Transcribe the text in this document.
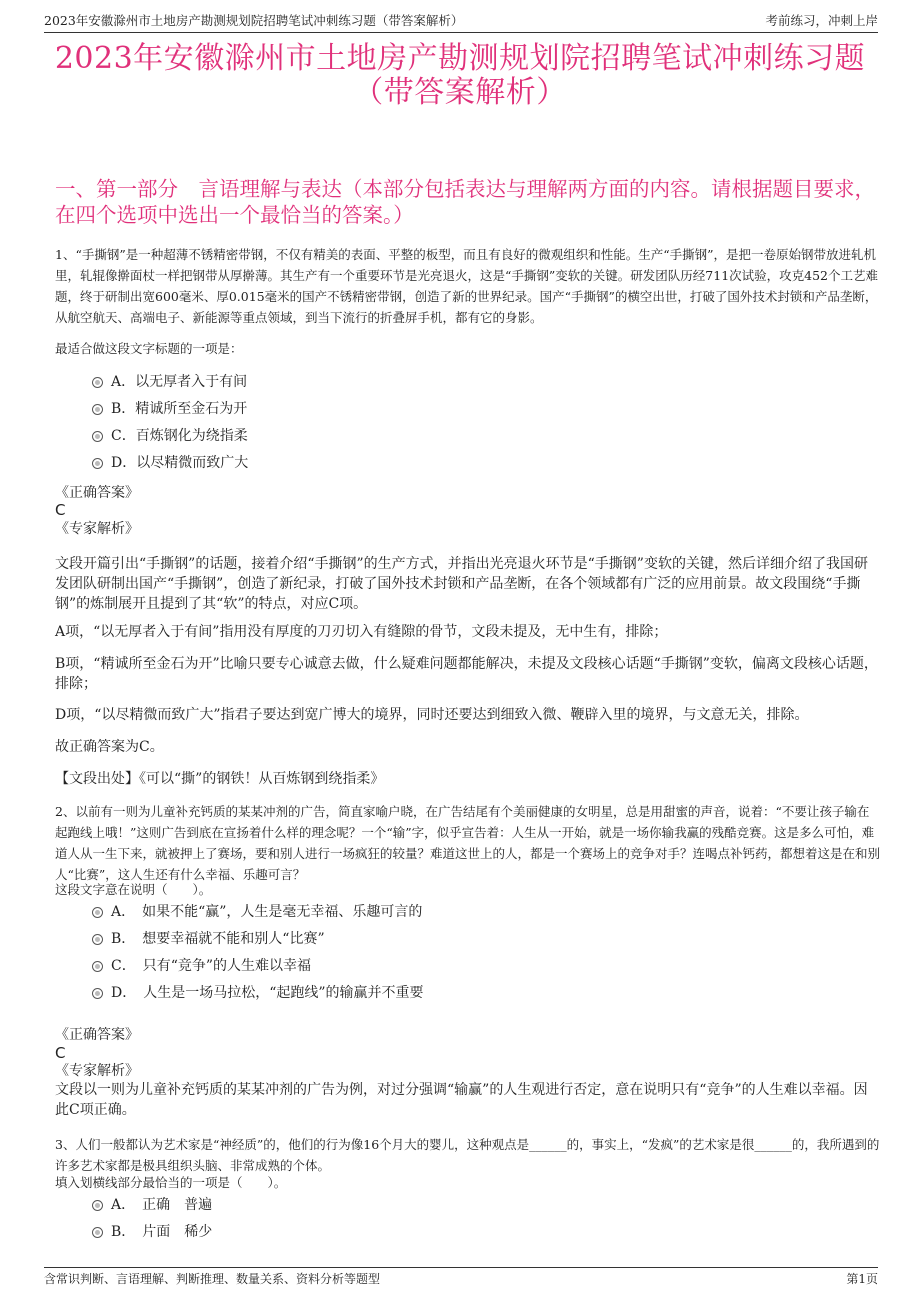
2023年安徽滁州市土地房产勘测规划院招聘笔试冲刺练习题（带答案解析）	考前练习，冲刺上岸
2023年安徽滁州市土地房产勘测规划院招聘笔试冲刺练习题
（带答案解析）
一、第一部分　言语理解与表达（本部分包括表达与理解两方面的内容。请根据题目要求，在四个选项中选出一个最恰当的答案。）

1、“手撕钢”是一种超薄不锈精密带钢，不仅有精美的表面、平整的板型，而且有良好的微观组织和性能。生产“手撕钢”，是把一卷原始钢带放进轧机里，轧辊像擀面杖一样把钢带从厚擀薄。其生产有一个重要环节是光亮退火，这是“手撕钢”变软的关键。研发团队历经711次试验，攻克452个工艺难题，终于研制出宽600毫米、厚0.015毫米的国产不锈精密带钢，创造了新的世界纪录。国产“手撕钢”的横空出世，打破了国外技术封锁和产品垄断，从航空航天、高端电子、新能源等重点领域，到当下流行的折叠屏手机，都有它的身影。

最适合做这段文字标题的一项是：

A．以无厚者入于有间
B．精诚所至金石为开
C．百炼钢化为绕指柔
D．以尽精微而致广大
《正确答案》
C
《专家解析》

文段开篇引出“手撕钢”的话题，接着介绍“手撕钢”的生产方式，并指出光亮退火环节是“手撕钢”变软的关键，然后详细介绍了我国研发团队研制出国产“手撕钢”，创造了新纪录，打破了国外技术封锁和产品垄断，在各个领域都有广泛的应用前景。故文段围绕“手撕钢”的炼制展开且提到了其“软”的特点，对应C项。

A项，“以无厚者入于有间”指用没有厚度的刀刃切入有缝隙的骨节，文段未提及，无中生有，排除；

B项，“精诚所至金石为开”比喻只要专心诚意去做，什么疑难问题都能解决，未提及文段核心话题“手撕钢”变软，偏离文段核心话题，排除；

D项，“以尽精微而致广大”指君子要达到宽广博大的境界，同时还要达到细致入微、鞭辟入里的境界，与文意无关，排除。

故正确答案为C。

【文段出处】《可以“撕”的钢铁！从百炼钢到绕指柔》

2、以前有一则为儿童补充钙质的某某冲剂的广告，简直家喻户晓，在广告结尾有个美丽健康的女明星，总是用甜蜜的声音，说着：“不要让孩子输在起跑线上哦！”这则广告到底在宣扬着什么样的理念呢？一个“输”字，似乎宣告着：人生从一开始，就是一场你输我赢的残酷竞赛。这是多么可怕，难道人从一生下来，就被押上了赛场，要和别人进行一场疯狂的较量？难道这世上的人，都是一个赛场上的竞争对手？连喝点补钙药，都想着这是在和别人“比赛”，这人生还有什么幸福、乐趣可言？

这段文字意在说明（　　）。

A．　如果不能“赢”，人生是毫无幸福、乐趣可言的
B．　想要幸福就不能和别人“比赛”
C．　只有“竞争”的人生难以幸福
D．　人生是一场马拉松，“起跑线”的输赢并不重要
《正确答案》
C
《专家解析》

文段以一则为儿童补充钙质的某某冲剂的广告为例，对过分强调“输赢”的人生观进行否定，意在说明只有“竞争”的人生难以幸福。因此C项正确。

3、人们一般都认为艺术家是“神经质”的，他们的行为像16个月大的婴儿，这种观点是______的，事实上，“发疯”的艺术家是很______的，我所遇到的许多艺术家都是极具组织头脑、非常成熟的个体。

填入划横线部分最恰当的一项是（　　）。

A．　正确　普遍
B．　片面　稀少
含常识判断、言语理解、判断推理、数量关系、资料分析等题型	第1页
